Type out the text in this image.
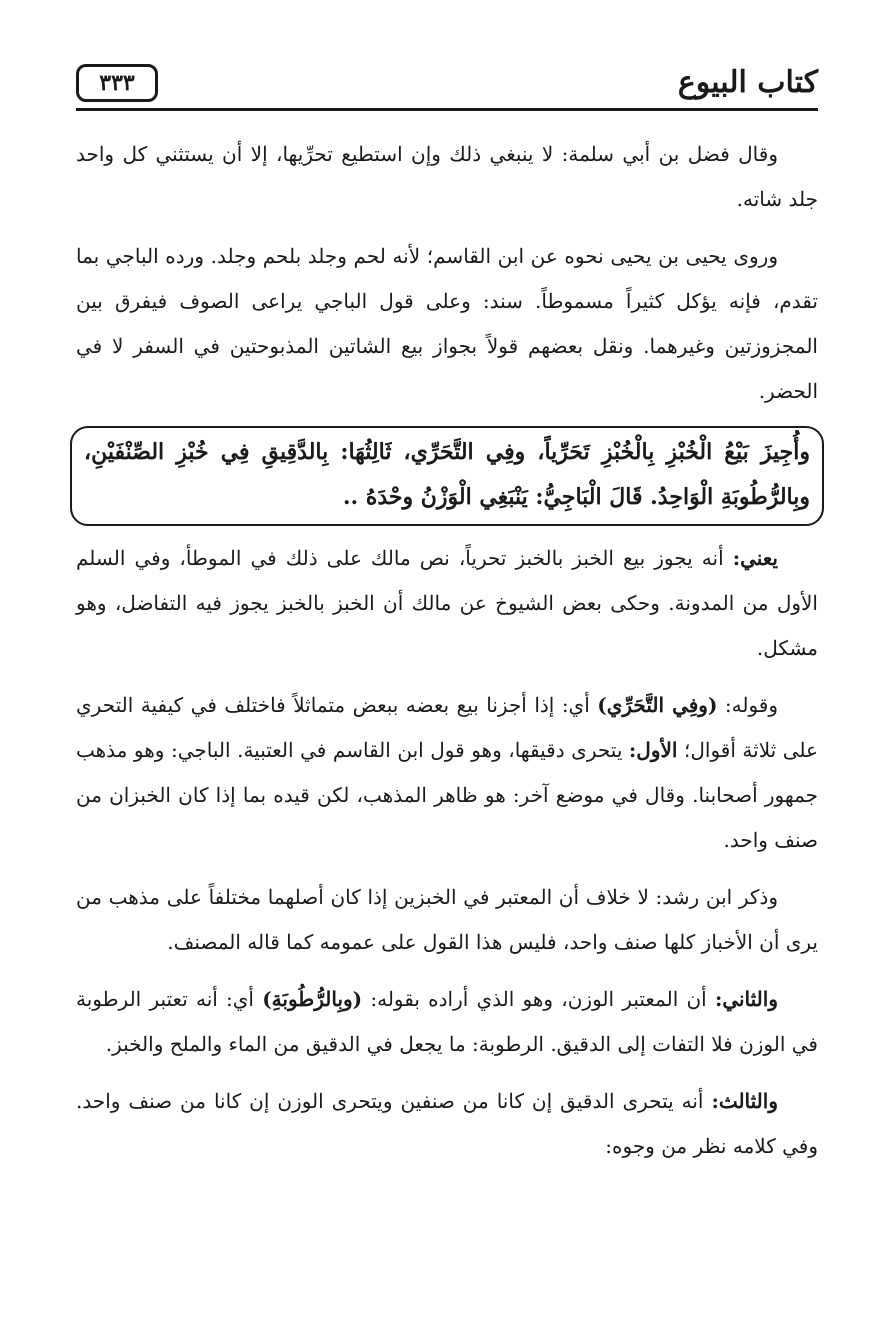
كتاب البيوع
٣٣٣

وقال فضل بن أبي سلمة: لا ينبغي ذلك وإن استطيع تحرِّيها، إلا أن يستثني كل واحد جلد شاته.

وروى يحيى بن يحيى نحوه عن ابن القاسم؛ لأنه لحم وجلد بلحم وجلد. ورده الباجي بما تقدم، فإنه يؤكل كثيراً مسموطاً. سند: وعلى قول الباجي يراعى الصوف فيفرق بين المجزوزتين وغيرهما. ونقل بعضهم قولاً بجواز بيع الشاتين المذبوحتين في السفر لا في الحضر.

وأُجِيزَ بَيْعُ الْخُبْزِ بِالْخُبْزِ تَحَرِّياً، وفِي التَّحَرِّي، ثَالِثُهَا: بِالدَّقِيقِ فِي خُبْزِ الصِّنْفَيْنِ، وبِالرُّطُوبَةِ الْوَاحِدُ. قَالَ الْبَاجِيُّ: يَنْبَغِي الْوَزْنُ وحْدَهُ ..

يعني: أنه يجوز بيع الخبز بالخبز تحرياً، نص مالك على ذلك في الموطأ، وفي السلم الأول من المدونة. وحكى بعض الشيوخ عن مالك أن الخبز بالخبز يجوز فيه التفاضل، وهو مشكل.

وقوله: (وفِي التَّحَرِّي) أي: إذا أجزنا بيع بعضه ببعض متماثلاً فاختلف في كيفية التحري على ثلاثة أقوال؛ الأول: يتحرى دقيقها، وهو قول ابن القاسم في العتبية. الباجي: وهو مذهب جمهور أصحابنا. وقال في موضع آخر: هو ظاهر المذهب، لكن قيده بما إذا كان الخبزان من صنف واحد.

وذكر ابن رشد: لا خلاف أن المعتبر في الخبزين إذا كان أصلهما مختلفاً على مذهب من يرى أن الأخباز كلها صنف واحد، فليس هذا القول على عمومه كما قاله المصنف.

والثاني: أن المعتبر الوزن، وهو الذي أراده بقوله: (وبِالرُّطُوبَةِ) أي: أنه تعتبر الرطوبة في الوزن فلا التفات إلى الدقيق. الرطوبة: ما يجعل في الدقيق من الماء والملح والخبز.

والثالث: أنه يتحرى الدقيق إن كانا من صنفين ويتحرى الوزن إن كانا من صنف واحد. وفي كلامه نظر من وجوه:
